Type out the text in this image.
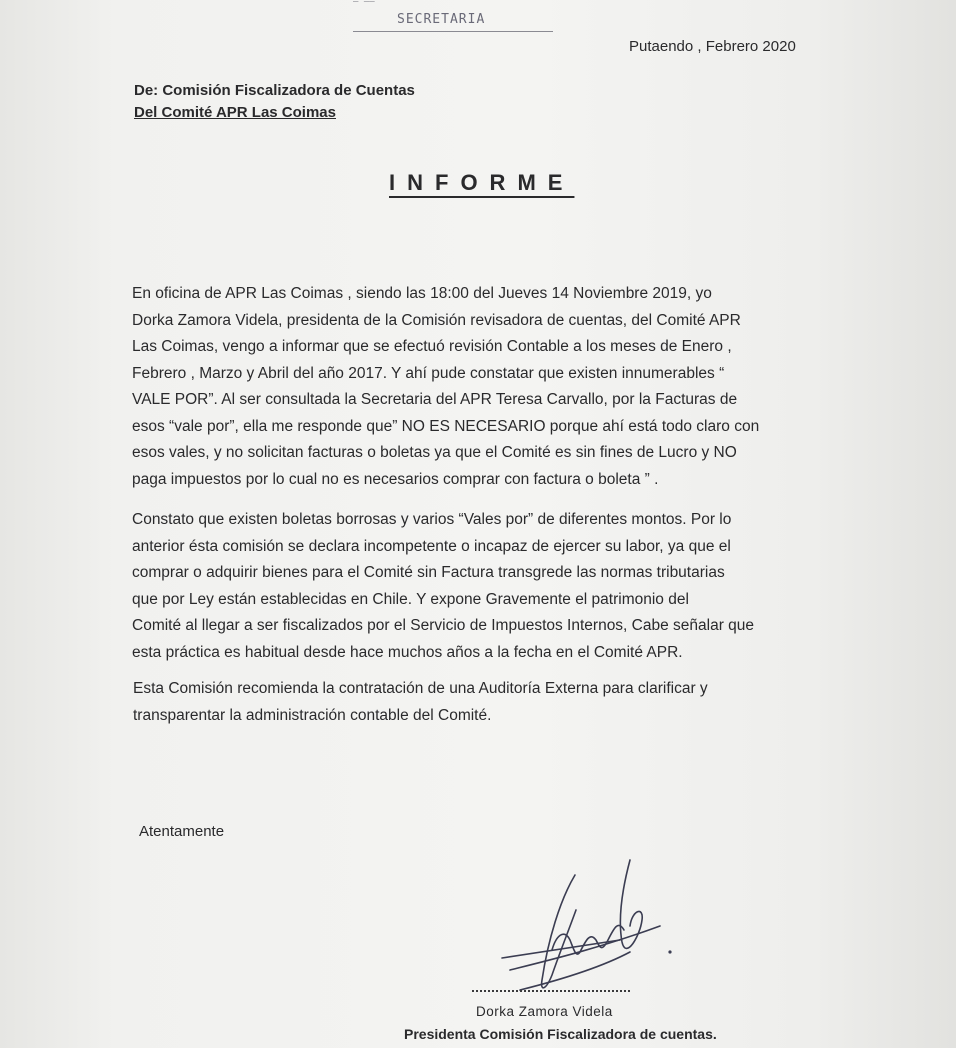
— ——
SECRETARIA
Putaendo , Febrero 2020
De: Comisión Fiscalizadora de Cuentas
Del Comité APR Las Coimas
INFORME
En oficina de APR Las Coimas , siendo las 18:00 del Jueves 14 Noviembre 2019, yo
Dorka Zamora Videla, presidenta de la Comisión revisadora de cuentas, del Comité APR
Las Coimas, vengo a informar que se efectuó revisión Contable a los meses de Enero ,
Febrero , Marzo y Abril del año 2017. Y ahí pude constatar que existen innumerables “
VALE POR”. Al ser consultada la Secretaria del APR Teresa Carvallo, por la Facturas de
esos “vale por”, ella me responde que” NO ES NECESARIO porque ahí está todo claro con
esos vales, y no solicitan facturas o boletas ya que el Comité es sin fines de Lucro y NO
paga impuestos por lo cual no es necesarios comprar con factura o boleta ” .
Constato que existen boletas borrosas y varios “Vales por” de diferentes montos. Por lo
anterior ésta comisión se declara incompetente o incapaz de ejercer su labor, ya que el
comprar o adquirir bienes para el Comité sin Factura transgrede las normas tributarias
que por Ley están establecidas en Chile. Y expone Gravemente el patrimonio del
Comité al llegar a ser fiscalizados por el Servicio de Impuestos Internos, Cabe señalar que
esta práctica es habitual desde hace muchos años a la fecha en el Comité APR.
Esta Comisión recomienda la contratación de una Auditoría Externa para clarificar y
transparentar la administración contable del Comité.
Atentamente
Dorka Zamora Videla
Presidenta Comisión Fiscalizadora de cuentas.
